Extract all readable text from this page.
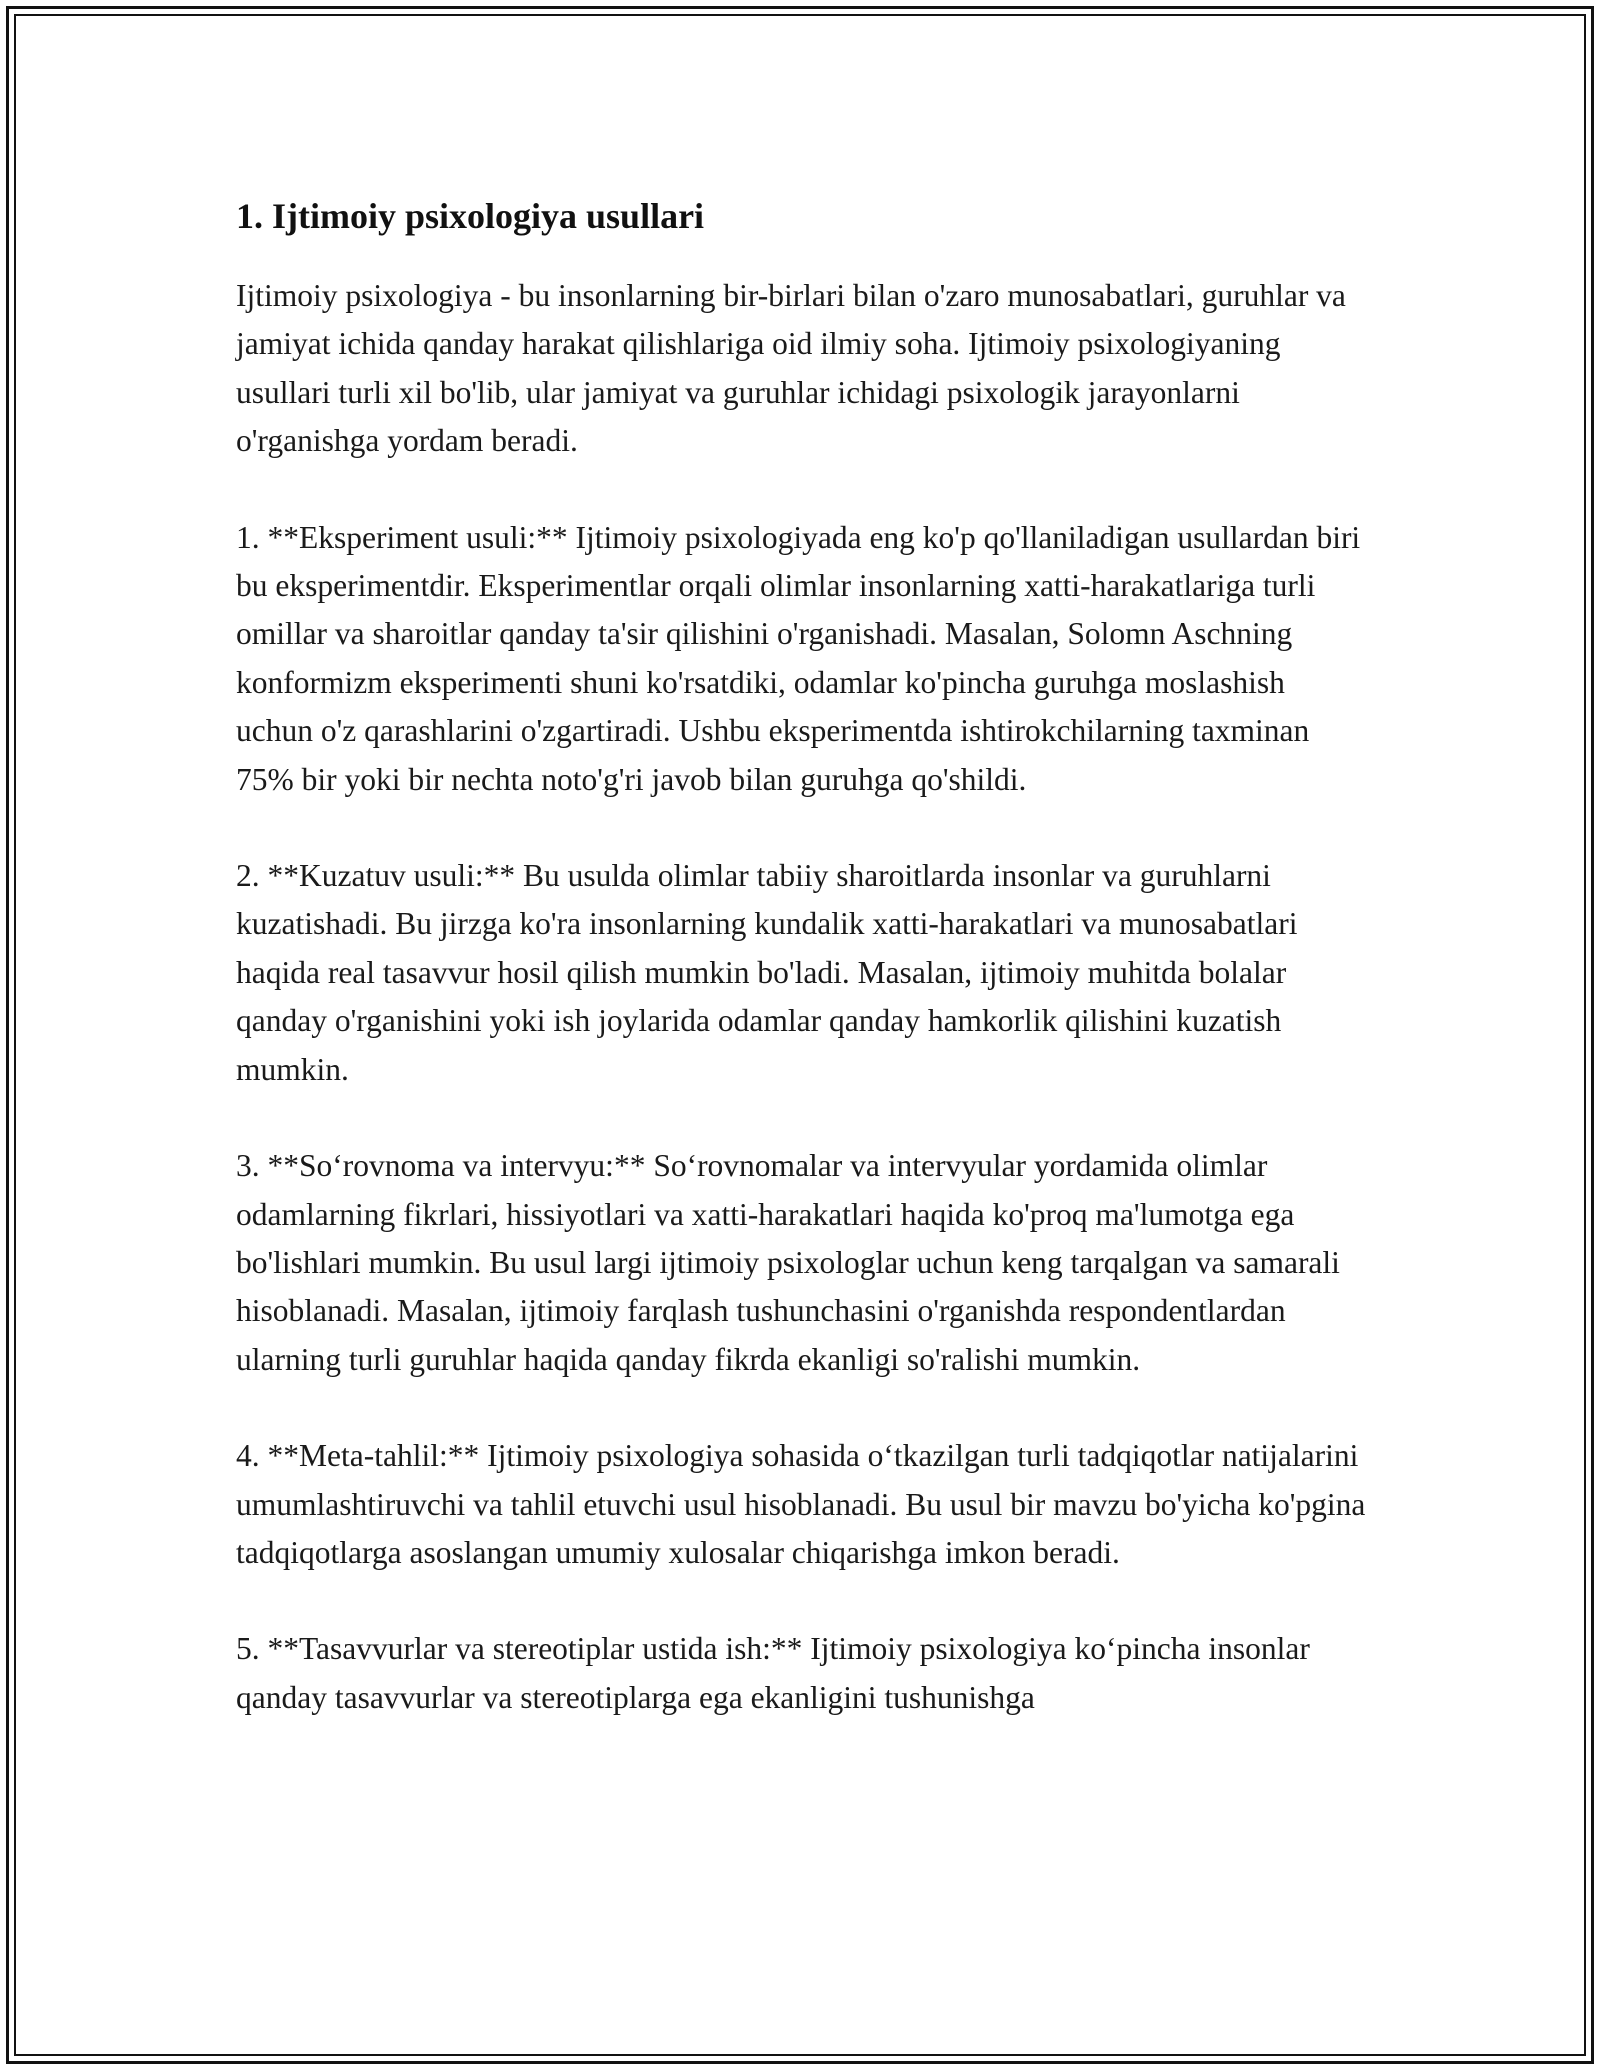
1. Ijtimoiy psixologiya usullari

Ijtimoiy psixologiya - bu insonlarning bir-birlari bilan o'zaro munosabatlari, guruhlar va jamiyat ichida qanday harakat qilishlariga oid ilmiy soha. Ijtimoiy psixologiyaning usullari turli xil bo'lib, ular jamiyat va guruhlar ichidagi psixologik jarayonlarni o'rganishga yordam beradi.

1. **Eksperiment usuli:** Ijtimoiy psixologiyada eng ko'p qo'llaniladigan usullardan biri bu eksperimentdir. Eksperimentlar orqali olimlar insonlarning xatti-harakatlariga turli omillar va sharoitlar qanday ta'sir qilishini o'rganishadi. Masalan, Solomn Aschning konformizm eksperimenti shuni ko'rsatdiki, odamlar ko'pincha guruhga moslashish uchun o'z qarashlarini o'zgartiradi. Ushbu eksperimentda ishtirokchilarning taxminan 75% bir yoki bir nechta noto'g'ri javob bilan guruhga qo'shildi.

2. **Kuzatuv usuli:** Bu usulda olimlar tabiiy sharoitlarda insonlar va guruhlarni kuzatishadi. Bu jirzga ko'ra insonlarning kundalik xatti-harakatlari va munosabatlari haqida real tasavvur hosil qilish mumkin bo'ladi. Masalan, ijtimoiy muhitda bolalar qanday o'rganishini yoki ish joylarida odamlar qanday hamkorlik qilishini kuzatish mumkin.

3. **So‘rovnoma va intervyu:** So‘rovnomalar va intervyular yordamida olimlar odamlarning fikrlari, hissiyotlari va xatti-harakatlari haqida ko'proq ma'lumotga ega bo'lishlari mumkin. Bu usul largi ijtimoiy psixologlar uchun keng tarqalgan va samarali hisoblanadi. Masalan, ijtimoiy farqlash tushunchasini o'rganishda respondentlardan ularning turli guruhlar haqida qanday fikrda ekanligi so'ralishi mumkin.

4. **Meta-tahlil:** Ijtimoiy psixologiya sohasida o‘tkazilgan turli tadqiqotlar natijalarini umumlashtiruvchi va tahlil etuvchi usul hisoblanadi. Bu usul bir mavzu bo'yicha ko'pgina tadqiqotlarga asoslangan umumiy xulosalar chiqarishga imkon beradi.

5. **Tasavvurlar va stereotiplar ustida ish:** Ijtimoiy psixologiya ko‘pincha insonlar qanday tasavvurlar va stereotiplarga ega ekanligini tushunishga
